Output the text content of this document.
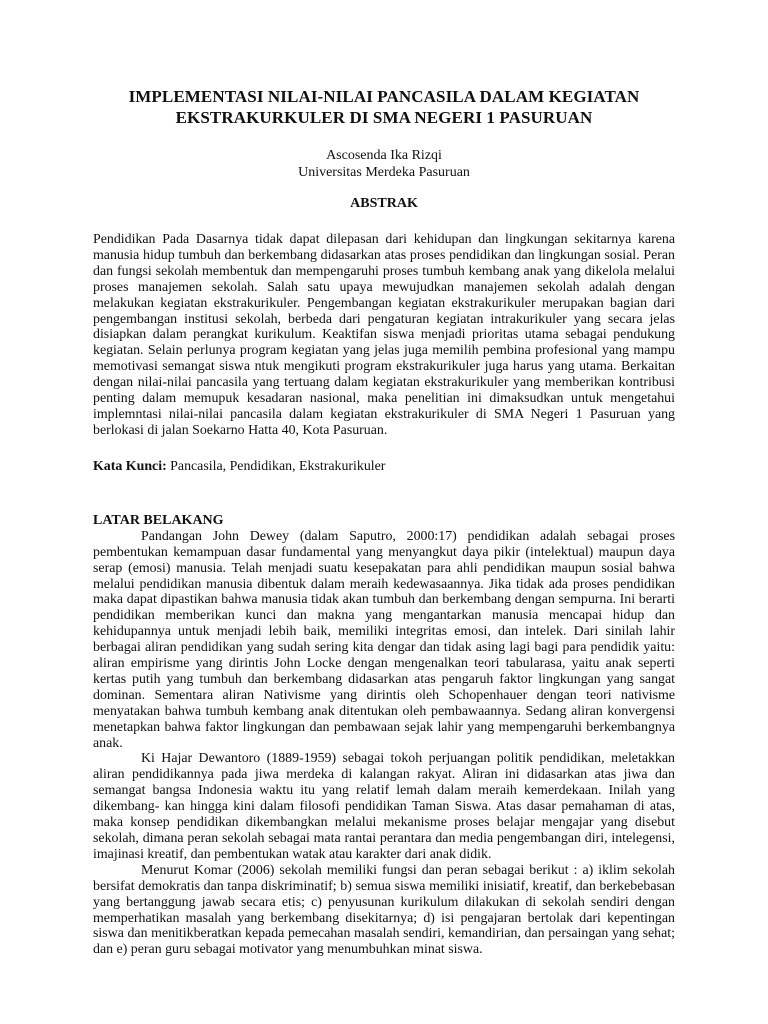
IMPLEMENTASI NILAI-NILAI PANCASILA DALAM KEGIATAN
EKSTRAKURKULER DI SMA NEGERI 1 PASURUAN
Ascosenda Ika Rizqi
Universitas Merdeka Pasuruan
ABSTRAK

Pendidikan Pada Dasarnya tidak dapat dilepasan dari kehidupan dan lingkungan sekitarnya karena manusia hidup tumbuh dan berkembang didasarkan atas proses pendidikan dan lingkungan sosial. Peran dan fungsi sekolah membentuk dan mempengaruhi proses tumbuh kembang anak yang dikelola melalui proses manajemen sekolah. Salah satu upaya mewujudkan manajemen sekolah adalah dengan melakukan kegiatan ekstrakurikuler. Pengembangan kegiatan ekstrakurikuler merupakan bagian dari pengembangan institusi sekolah, berbeda dari pengaturan kegiatan intrakurikuler yang secara jelas disiapkan dalam perangkat kurikulum. Keaktifan siswa menjadi prioritas utama sebagai pendukung kegiatan. Selain perlunya program kegiatan yang jelas juga memilih pembina profesional yang mampu memotivasi semangat siswa ntuk mengikuti program ekstrakurikuler juga harus yang utama. Berkaitan dengan nilai-nilai pancasila yang tertuang dalam kegiatan ekstrakurikuler yang memberikan kontribusi penting dalam memupuk kesadaran nasional, maka penelitian ini dimaksudkan untuk mengetahui implemntasi nilai-nilai pancasila dalam kegiatan ekstrakurikuler di SMA Negeri 1 Pasuruan yang berlokasi di jalan Soekarno Hatta 40, Kota Pasuruan.

Kata Kunci: Pancasila, Pendidikan, Ekstrakurikuler
LATAR BELAKANG

Pandangan John Dewey (dalam Saputro, 2000:17) pendidikan adalah sebagai proses pembentukan kemampuan dasar fundamental yang menyangkut daya pikir (intelektual) maupun daya serap (emosi) manusia. Telah menjadi suatu kesepakatan para ahli pendidikan maupun sosial bahwa melalui pendidikan manusia dibentuk dalam meraih kedewasaannya. Jika tidak ada proses pendidikan maka dapat dipastikan bahwa manusia tidak akan tumbuh dan berkembang dengan sempurna. Ini berarti pendidikan memberikan kunci dan makna yang mengantarkan manusia mencapai hidup dan kehidupannya untuk menjadi lebih baik, memiliki integritas emosi, dan intelek. Dari sinilah lahir berbagai aliran pendidikan yang sudah sering kita dengar dan tidak asing lagi bagi para pendidik yaitu: aliran empirisme yang dirintis John Locke dengan mengenalkan teori tabularasa, yaitu anak seperti kertas putih yang tumbuh dan berkembang didasarkan atas pengaruh faktor lingkungan yang sangat dominan. Sementara aliran Nativisme yang dirintis oleh Schopenhauer dengan teori nativisme menyatakan bahwa tumbuh kembang anak ditentukan oleh pembawaannya. Sedang aliran konvergensi menetapkan bahwa faktor lingkungan dan pembawaan sejak lahir yang mempengaruhi berkembangnya anak.

Ki Hajar Dewantoro (1889-1959) sebagai tokoh perjuangan politik pendidikan, meletakkan aliran pendidikannya pada jiwa merdeka di kalangan rakyat. Aliran ini didasarkan atas jiwa dan semangat bangsa Indonesia waktu itu yang relatif lemah dalam meraih kemerdekaan. Inilah yang dikembang- kan hingga kini dalam filosofi pendidikan Taman Siswa. Atas dasar pemahaman di atas, maka konsep pendidikan dikembangkan melalui mekanisme proses belajar mengajar yang disebut sekolah, dimana peran sekolah sebagai mata rantai perantara dan media pengembangan diri, intelegensi, imajinasi kreatif, dan pembentukan watak atau karakter dari anak didik.

Menurut Komar (2006) sekolah memiliki fungsi dan peran sebagai berikut : a) iklim sekolah bersifat demokratis dan tanpa diskriminatif; b) semua siswa memiliki inisiatif, kreatif, dan berkebebasan yang bertanggung jawab secara etis; c) penyusunan kurikulum dilakukan di sekolah sendiri dengan memperhatikan masalah yang berkembang disekitarnya; d) isi pengajaran bertolak dari kepentingan siswa dan menitikberatkan kepada pemecahan masalah sendiri, kemandirian, dan persaingan yang sehat; dan e) peran guru sebagai motivator yang menumbuhkan minat siswa.
